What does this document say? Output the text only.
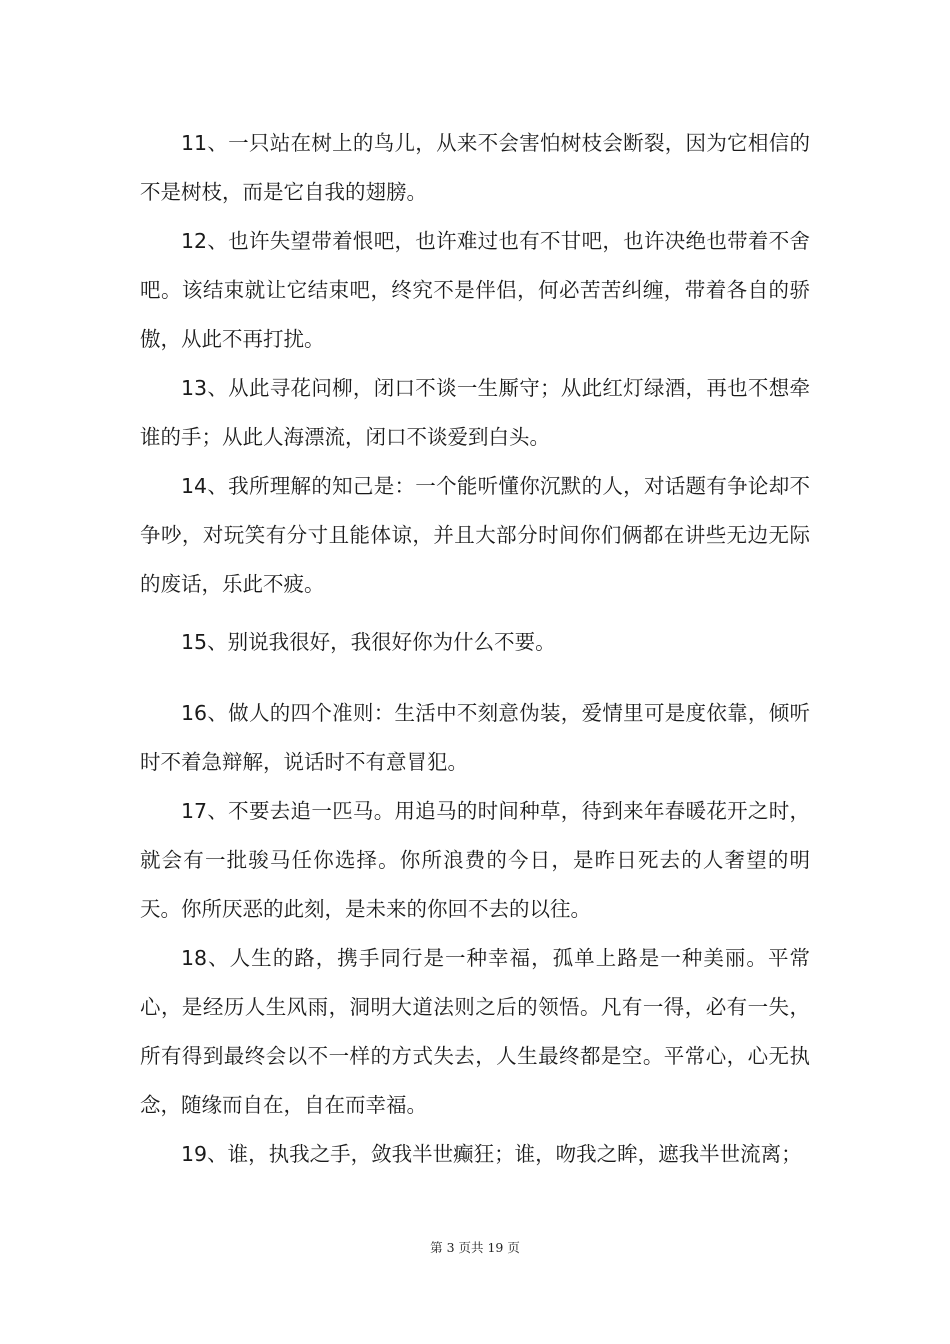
11、一只站在树上的鸟儿，从来不会害怕树枝会断裂，因为它相信的不是树枝，而是它自我的翅膀。

12、也许失望带着恨吧，也许难过也有不甘吧，也许决绝也带着不舍吧。该结束就让它结束吧，终究不是伴侣，何必苦苦纠缠，带着各自的骄傲，从此不再打扰。

13、从此寻花问柳，闭口不谈一生厮守；从此红灯绿酒，再也不想牵谁的手；从此人海漂流，闭口不谈爱到白头。

14、我所理解的知己是：一个能听懂你沉默的人，对话题有争论却不争吵，对玩笑有分寸且能体谅，并且大部分时间你们俩都在讲些无边无际的废话，乐此不疲。

15、别说我很好，我很好你为什么不要。

16、做人的四个准则：生活中不刻意伪装，爱情里可是度依靠，倾听时不着急辩解，说话时不有意冒犯。

17、不要去追一匹马。用追马的时间种草，待到来年春暖花开之时，就会有一批骏马任你选择。你所浪费的今日，是昨日死去的人奢望的明天。你所厌恶的此刻，是未来的你回不去的以往。

18、人生的路，携手同行是一种幸福，孤单上路是一种美丽。平常心，是经历人生风雨，洞明大道法则之后的领悟。凡有一得，必有一失，所有得到最终会以不一样的方式失去，人生最终都是空。平常心，心无执念，随缘而自在，自在而幸福。

19、谁，执我之手，敛我半世癫狂；谁，吻我之眸，遮我半世流离；

第 3 页共 19 页
